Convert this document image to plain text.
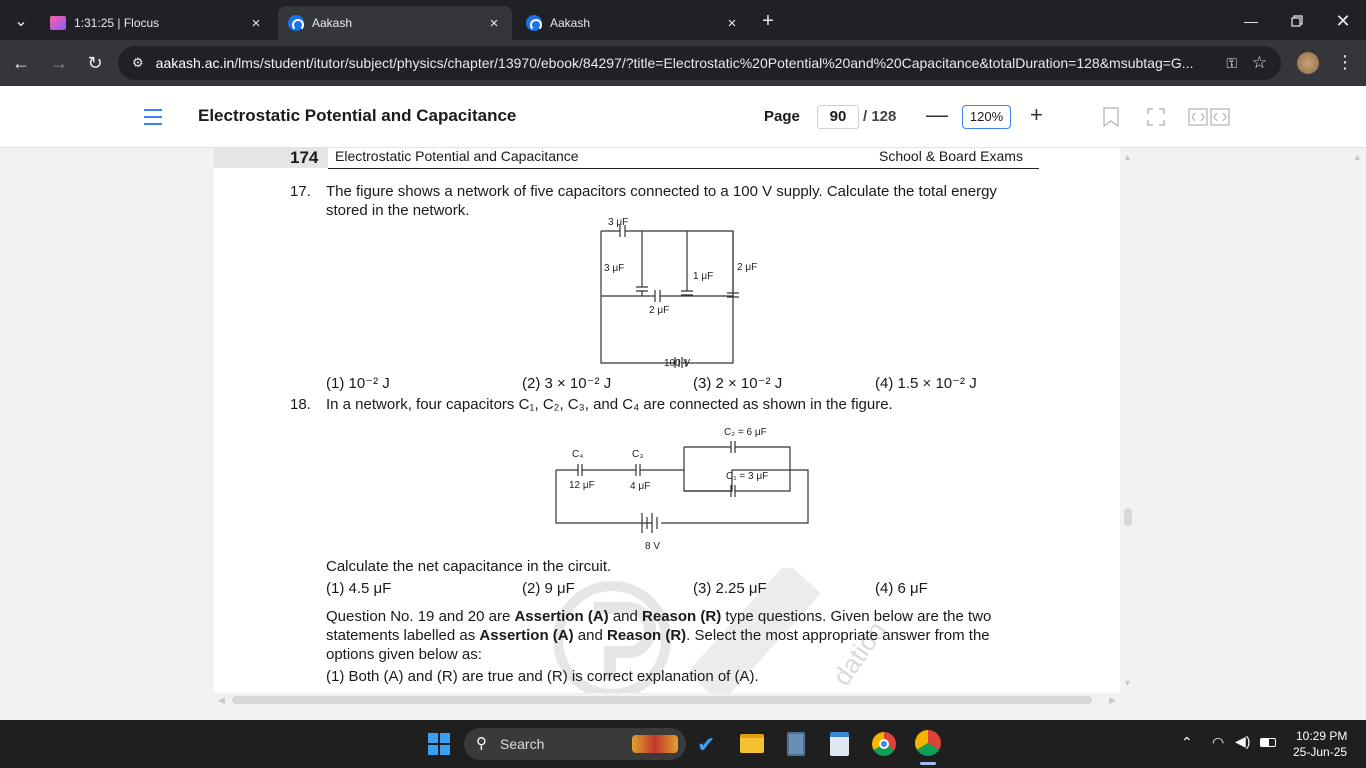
⌄	1:31:25 | Flocus	×	Aakash	×	Aakash	×	+	—	✕
← →	↻	⚙ aakash.ac.in/lms/student/itutor/subject/physics/chapter/13970/ebook/84297/?title=Electrostatic%20Potential%20and%20Capacitance&totalDuration=128&msubtag=G...	⚿ ☆	⋮
Electrostatic Potential and Capacitance	Page	90	/ 128 —	120%	+
dation
174 Electrostatic Potential and Capacitance	School & Board Exams
17. The figure shows a network of five capacitors connected to a 100 V supply. Calculate the total energy
stored in the network.
3 μF
3 μF
1 μF
2 μF
2 μF
100 V
(1) 10⁻² J	(2) 3 × 10⁻² J	(3) 2 × 10⁻² J	(4) 1.5 × 10⁻² J
18. In a network, four capacitors C₁, C₂, C₃, and C₄ are connected as shown in the figure.
C₂ = 6 μF
C₄	C₃
C₁ = 3 μF
12 μF	4 μF
8 V
Calculate the net capacitance in the circuit.
(1) 4.5 μF	(2) 9 μF	(3) 2.25 μF	(4) 6 μF
Question No. 19 and 20 are Assertion (A) and Reason (R) type questions. Given below are the two
statements labelled as Assertion (A) and Reason (R). Select the most appropriate answer from the
options given below as:
(1) Both (A) and (R) are true and (R) is correct explanation of (A).
◀	▶
▲
▼
▲
⚲ Search	✔	⌃ ◠ ◀)	10:29 PM
25-Jun-25
